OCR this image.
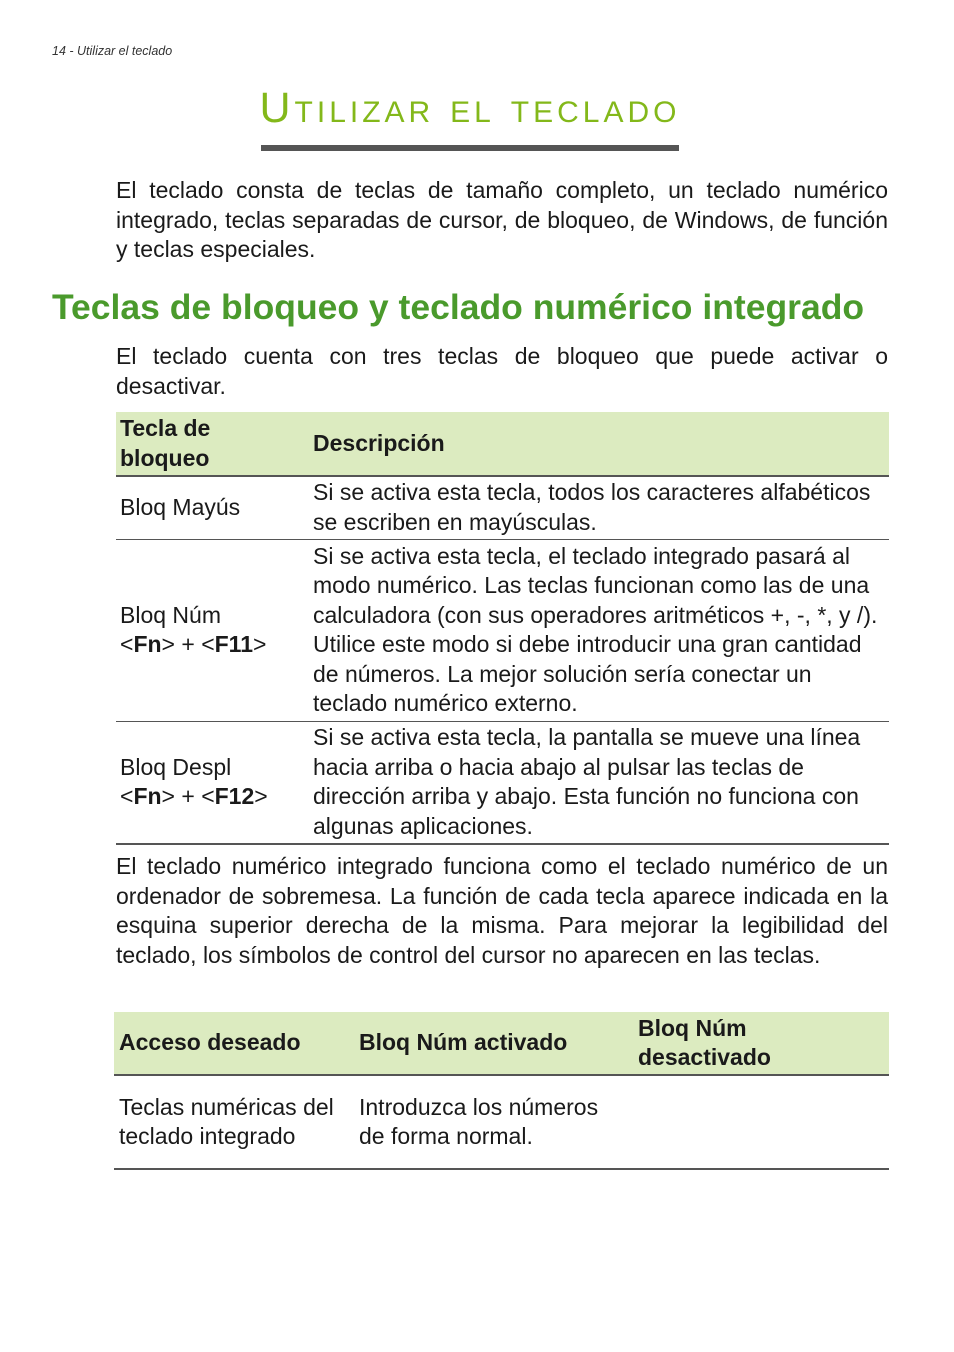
14 - Utilizar el teclado
Utilizar el teclado

El teclado consta de teclas de tamaño completo, un teclado numérico integrado, teclas separadas de cursor, de bloqueo, de Windows, de función y teclas especiales.

Teclas de bloqueo y teclado numérico integrado

El teclado cuenta con tres teclas de bloqueo que puede activar o desactivar.

Tecla de bloqueo	Descripción

Bloq Mayús	Si se activa esta tecla, todos los caracteres alfabéticos se escriben en mayúsculas.

Bloq Núm
<Fn> + <F11>	Si se activa esta tecla, el teclado integrado pasará al modo numérico. Las teclas funcionan como las de una calculadora (con sus operadores aritméticos +, -, *, y /). Utilice este modo si debe introducir una gran cantidad de números. La mejor solución sería conectar un teclado numérico externo.

Bloq Despl
<Fn> + <F12>	Si se activa esta tecla, la pantalla se mueve una línea hacia arriba o hacia abajo al pulsar las teclas de dirección arriba y abajo. Esta función no funciona con algunas aplicaciones.

El teclado numérico integrado funciona como el teclado numérico de un ordenador de sobremesa. La función de cada tecla aparece indicada en la esquina superior derecha de la misma. Para mejorar la legibilidad del teclado, los símbolos de control del cursor no aparecen en las teclas.

Acceso deseado	Bloq Núm activado	Bloq Núm desactivado
Teclas numéricas del teclado integrado	Introduzca los números de forma normal.	
